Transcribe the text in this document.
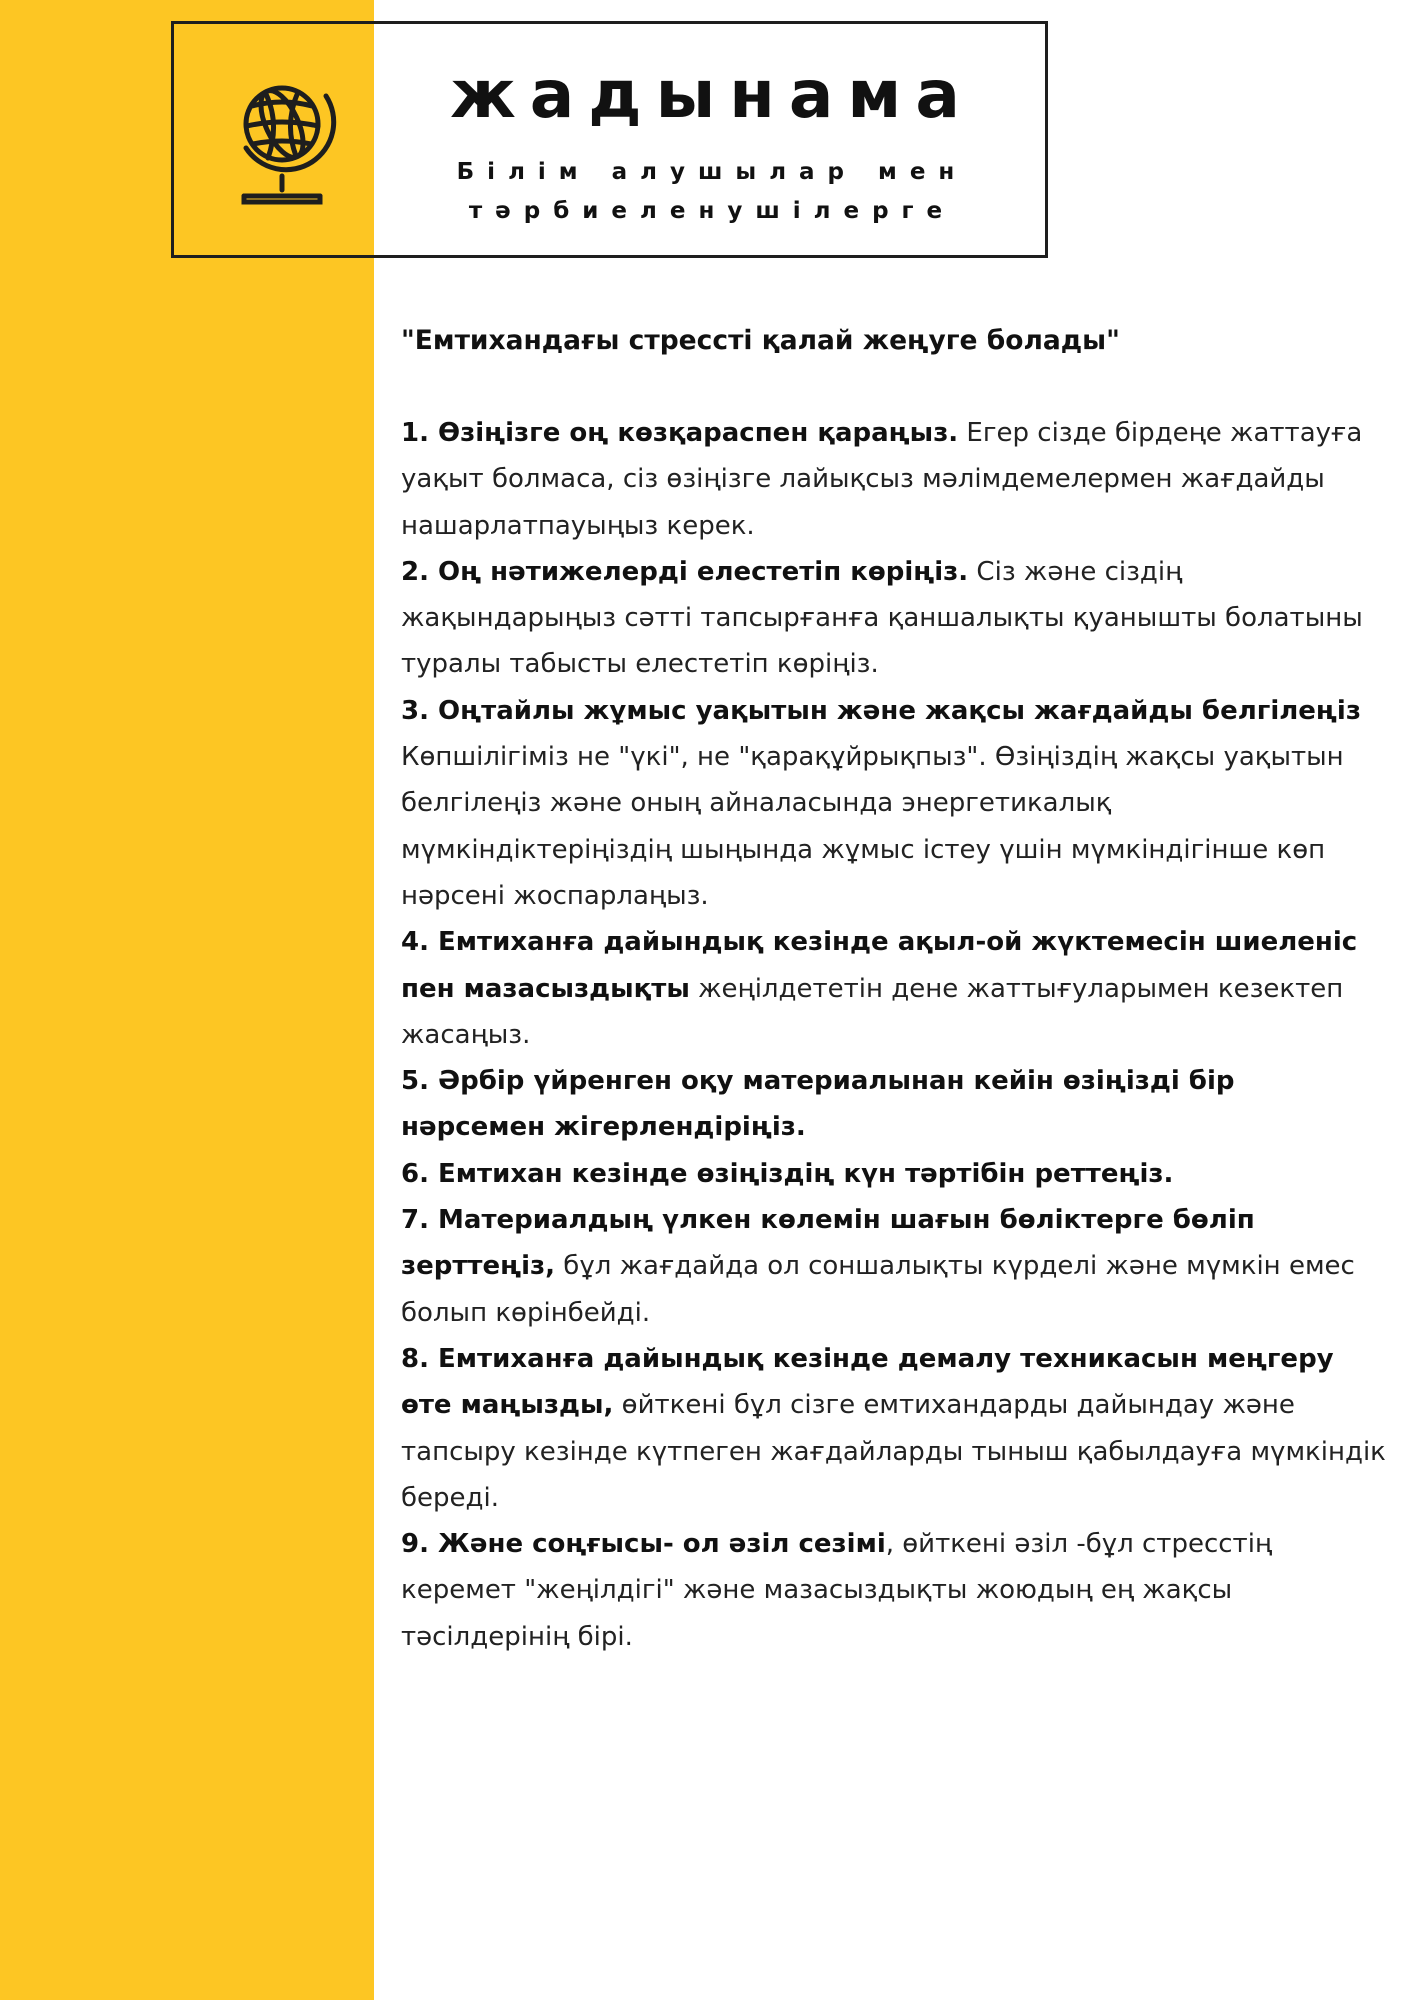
жадынама
Білім алушылар мен
тәрбиеленушілерге
"Емтихандағы стрессті қалай жеңуге болады"

1. Өзіңізге оң көзқараспен қараңыз. Егер сізде бірдеңе жаттауға уақыт болмаса, сіз өзіңізге лайықсыз мәлімдемелермен жағдайды нашарлатпауыңыз керек.

2. Оң нәтижелерді елестетіп көріңіз. Сіз және сіздің жақындарыңыз сәтті тапсырғанға қаншалықты қуанышты болатыны туралы табысты елестетіп көріңіз.

3. Оңтайлы жұмыс уақытын және жақсы жағдайды белгілеңіз Көпшілігіміз не "үкі", не "қарақұйрықпыз". Өзіңіздің жақсы уақытын белгілеңіз және оның айналасында энергетикалық мүмкіндіктеріңіздің шыңында жұмыс істеу үшін мүмкіндігінше көп нәрсені жоспарлаңыз.

4. Емтиханға дайындық кезінде ақыл-ой жүктемесін шиеленіс пен мазасыздықты жеңілдететін дене жаттығуларымен кезектеп жасаңыз.

5. Әрбір үйренген оқу материалынан кейін өзіңізді бір нәрсемен жігерлендіріңіз.

6. Емтихан кезінде өзіңіздің күн тәртібін реттеңіз.

7. Материалдың үлкен көлемін шағын бөліктерге бөліп зерттеңіз, бұл жағдайда ол соншалықты күрделі және мүмкін емес болып көрінбейді.

8. Емтиханға дайындық кезінде демалу техникасын меңгеру өте маңызды, өйткені бұл сізге емтихандарды дайындау және тапсыру кезінде күтпеген жағдайларды тыныш қабылдауға мүмкіндік береді.

9. Және соңғысы- ол әзіл сезімі, өйткені әзіл -бұл стресстің керемет "жеңілдігі" және мазасыздықты жоюдың ең жақсы тәсілдерінің бірі.
